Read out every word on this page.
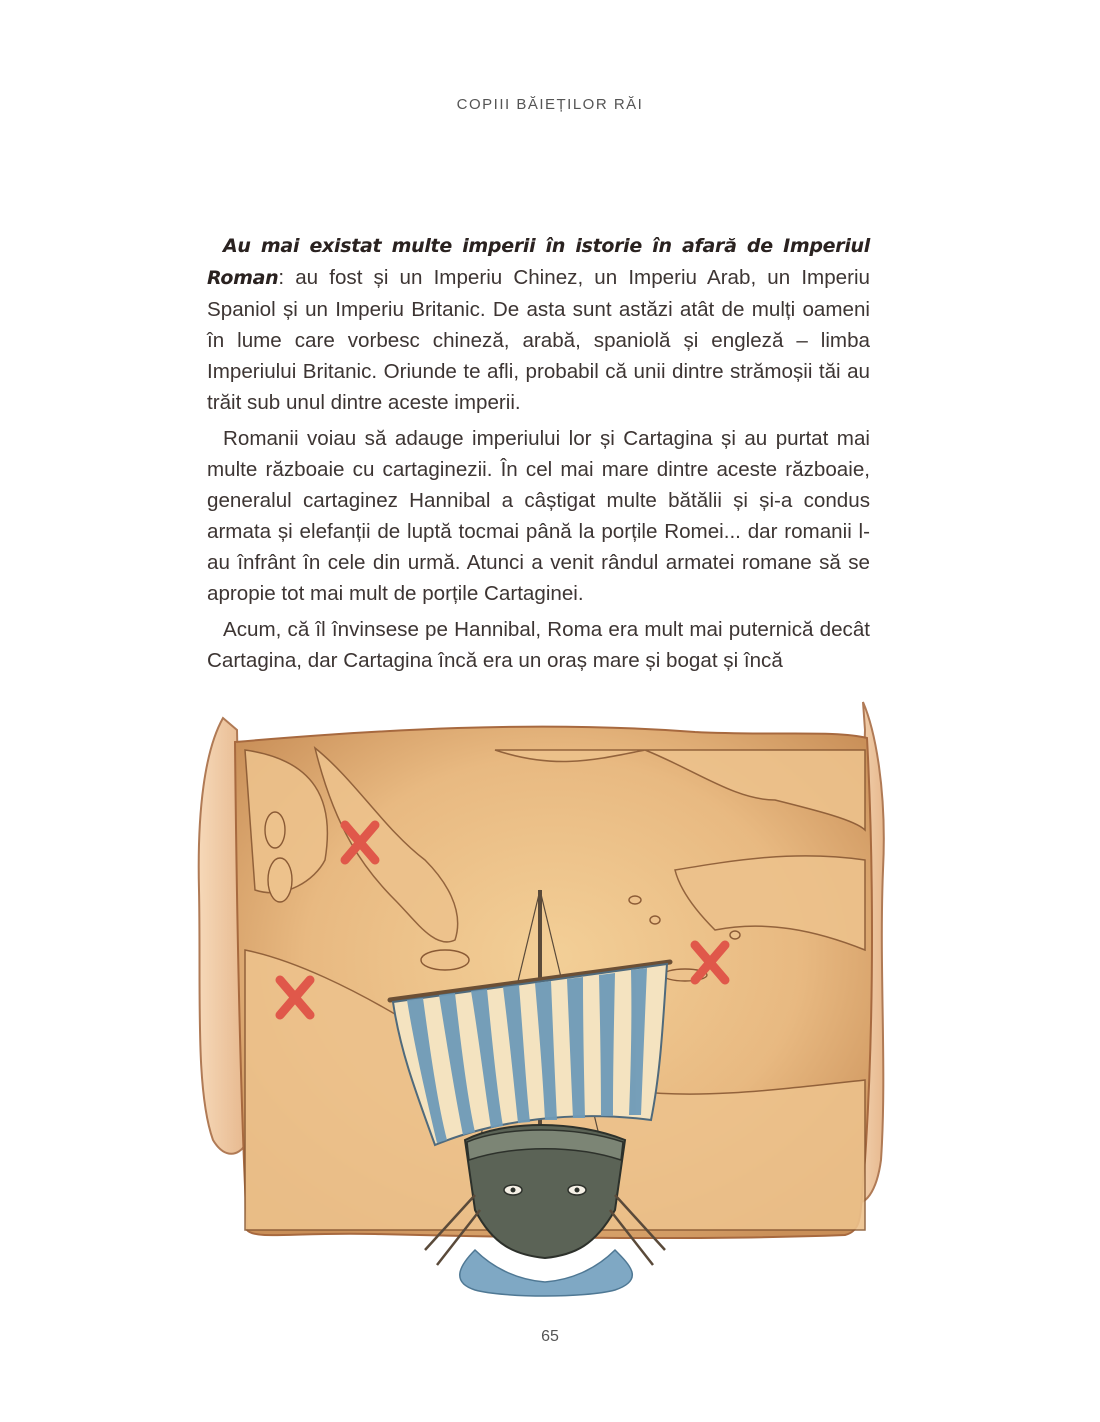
COPIII BĂIEȚILOR RĂI

Au mai existat multe imperii în istorie în afară de Imperiul Roman: au fost și un Imperiu Chinez, un Imperiu Arab, un Imperiu Spaniol și un Imperiu Britanic. De asta sunt astăzi atât de mulți oameni în lume care vorbesc chineză, arabă, spaniolă și engleză – limba Imperiului Britanic. Oriunde te afli, probabil că unii dintre strămoșii tăi au trăit sub unul dintre aceste imperii.

Romanii voiau să adauge imperiului lor și Cartagina și au purtat mai multe războaie cu cartaginezii. În cel mai mare dintre aceste războaie, generalul cartaginez Hannibal a câștigat multe bătălii și și-a condus armata și elefanții de luptă tocmai până la porțile Romei... dar romanii l-au înfrânt în cele din urmă. Atunci a venit rândul armatei romane să se apropie tot mai mult de porțile Cartaginei.

Acum, că îl învinsese pe Hannibal, Roma era mult mai puternică decât Cartagina, dar Cartagina încă era un oraș mare și bogat și încă

65
